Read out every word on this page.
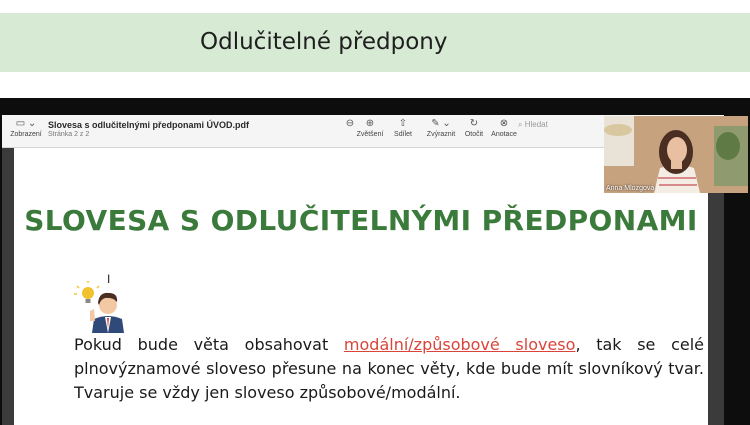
Odlučitelné předpony
▭ ⌄
Zobrazení
Slovesa s odlučitelnými předponami ÚVOD.pdf
Stránka 2 z 2
⊖	⊕
Zvětšení
⇧
Sdílet
✎ ⌄
Zvýraznit
↻
Otočit
⊗
Anotace
⌕ Hledat
SLOVESA S ODLUČITELNÝMI PŘEDPONAMI
Pokud bude věta obsahovat modální/způsobové sloveso, tak se celé plnovýznamové sloveso přesune na konec věty, kde bude mít slovníkový tvar. Tvaruje se vždy jen sloveso způsobové/modální.
Anna Mlozgová
I
